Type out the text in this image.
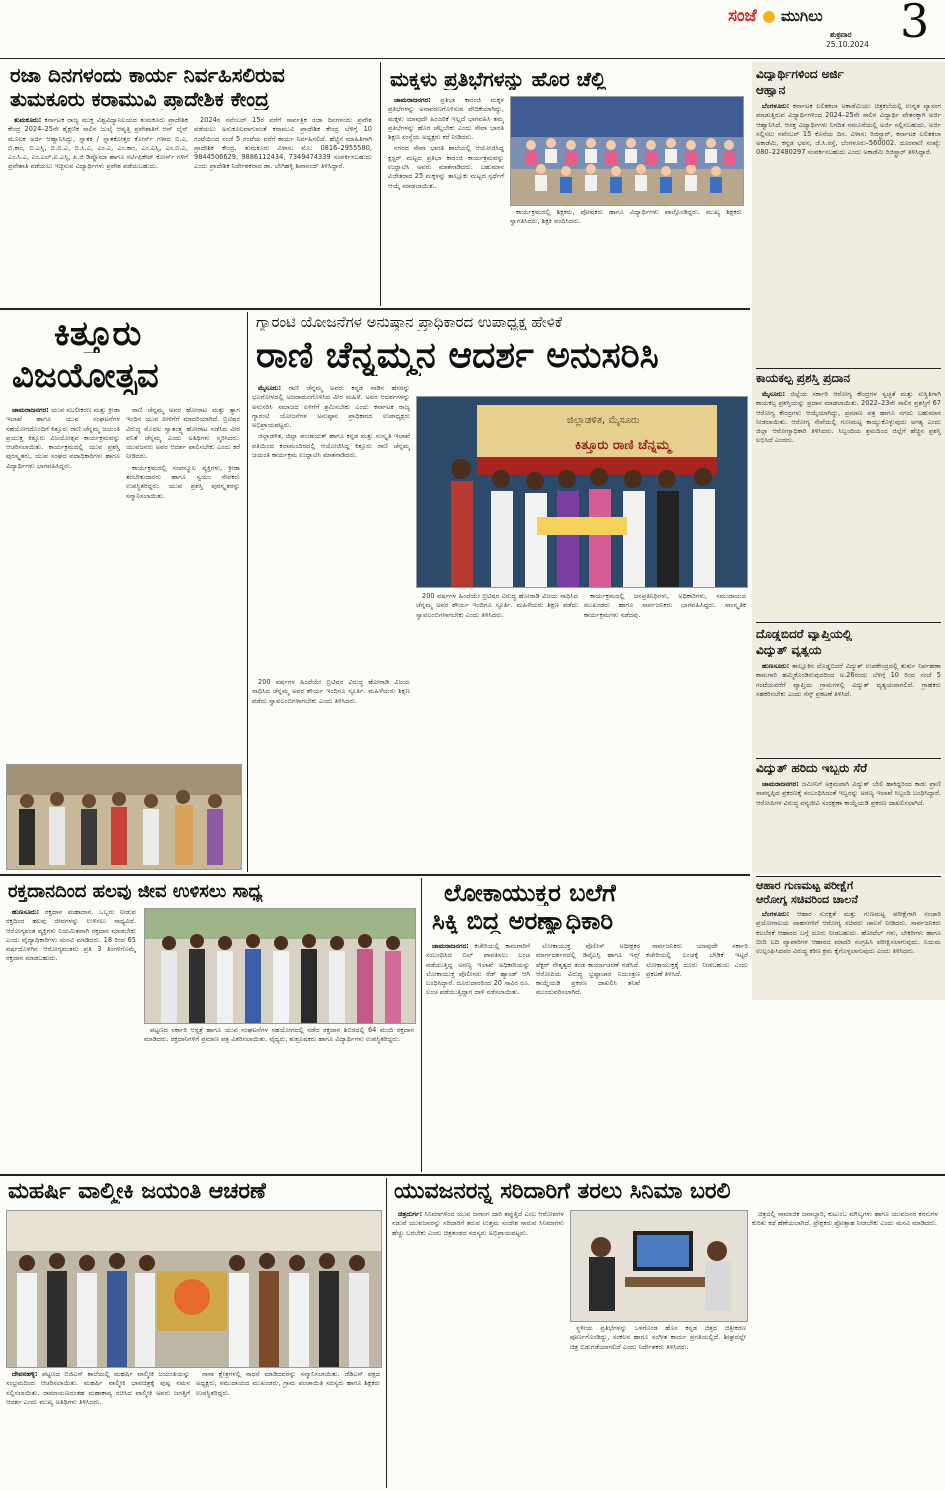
ಸಂಜೆ ಮುಗಿಲು
ಶುಕ್ರವಾರ
25.10.2024 3
ರಜಾ ದಿನಗಳಂದು ಕಾರ್ಯ ನಿರ್ವಹಿಸಲಿರುವ
ತುಮಕೂರು ಕರಾಮುವಿ ಪ್ರಾದೇಶಿಕ ಕೇಂದ್ರ

ತುಮಕೂರು: ಕರ್ನಾಟಕ ರಾಜ್ಯ ಮುಕ್ತ ವಿಶ್ವವಿದ್ಯಾನಿಲಯದ ತುಮಕೂರು ಪ್ರಾದೇಶಿಕ ಕೇಂದ್ರ 2024–25ನೇ ಶೈಕ್ಷಣಿಕ ಸಾಲಿನ ಜುಲೈ ಆವೃತ್ತಿ ಪ್ರವೇಶಾತಿಗೆ ಆನ್ ಲೈನ್ ಮೂಲಕ ಅರ್ಜಿ ಆಹ್ವಾನಿಸಿದ್ದು, ಸ್ನಾತಕ / ಸ್ನಾತಕೋತ್ತರ ಕೋರ್ಸ್ ಗಳಾದ ಬಿ.ಎ, ಬಿ.ಕಾಂ, ಬಿ.ಎಸ್ಸಿ, ಬಿ.ಬಿ.ಎ, ಬಿ.ಸಿ.ಎ, ಎಂ.ಎ, ಎಂ.ಕಾಂ, ಎಂ.ಎಸ್ಸಿ, ಎಂ.ಬಿ.ಎ, ಎಂ.ಸಿ.ಎ, ಎಂ.ಎಲ್.ಐ.ಎಸ್ಸಿ, ಪಿ.ಜಿ ಡಿಪ್ಲೊಮಾ ಹಾಗೂ ಸರ್ಟಿಫಿಕೇಟ್ ಕೋರ್ಸ್ ಗಳಿಗೆ ಪ್ರವೇಶಾತಿ ಪಡೆಯಲು ಇಚ್ಛಿಸುವ ವಿದ್ಯಾರ್ಥಿಗಳು ಪ್ರವೇಶ ಪಡೆಯಬಹುದು.

2024ರ ನವೆಂಬರ್ 15ರ ವರೆಗೆ ಸಾರ್ವತ್ರಿಕ ರಜಾ ದಿನಗಳಂದು ಪ್ರವೇಶ ಪಡೆಯಲು ಅನುಕೂಲವಾಗುವಂತೆ ಕರಾಮುವಿ ಪ್ರಾದೇಶಿಕ ಕೇಂದ್ರ ಬೆಳಿಗ್ಗೆ 10 ಗಂಟೆಯಿಂದ ಸಂಜೆ 5 ಗಂಟೆಯ ವರೆಗೆ ಕಾರ್ಯ ನಿರ್ವಹಿಸಲಿದೆ. ಹೆಚ್ಚಿನ ಮಾಹಿತಿಗಾಗಿ ಪ್ರಾದೇಶಿಕ ಕೇಂದ್ರ, ತುಮಕೂರು ವಿಳಾಸ: ಮೊ: 0816–2955580, 9844506629, 9886112434, 7349474339 ಸಂಪರ್ಕಿಸಬಹುದು ಎಂದು ಪ್ರಾದೇಶಿಕ ನಿರ್ದೇಶಕರಾದ ಡಾ. ಬೇಗಿಹಳ್ಳಿ ಶಿವಾನಂದ್ ತಿಳಿಸಿದ್ದಾರೆ.

ಮಕ್ಕಳು ಪ್ರತಿಭೆಗಳನ್ನು ಹೊರ ಚೆಲ್ಲಿ

ಚಾಮರಾಜನಗರ: ಪ್ರತಿಭಾ ಕಾರಂಜಿ ಮಕ್ಕಳ ಪ್ರತಿಭೆಗಳನ್ನು ಅನಾವರಣಗೊಳಿಸುವ ವೇದಿಕೆಯಾಗಿದ್ದು, ಮಕ್ಕಳು ಯಾವುದೇ ಹಿಂಜರಿಕೆ ಇಲ್ಲದೆ ಭಾಗವಹಿಸಿ ತಮ್ಮ ಪ್ರತಿಭೆಗಳನ್ನು ಹೊರ ಚೆಲ್ಲಬೇಕು ಎಂದು ಸೇವಾ ಭಾರತಿ ಶಿಕ್ಷಣ ಸಂಸ್ಥೆಯ ಅಧ್ಯಕ್ಷರು ಕರೆ ನೀಡಿದರು.

ನಗರದ ಸೇವಾ ಭಾರತಿ ಶಾಲೆಯಲ್ಲಿ ಆಯೋಜಿಸಿದ್ದ ಕ್ಲಸ್ಟರ್ ಮಟ್ಟದ ಪ್ರತಿಭಾ ಕಾರಂಜಿ ಕಾರ್ಯಕ್ರಮವನ್ನು ಉದ್ಘಾಟಿಸಿ ಅವರು ಮಾತನಾಡಿದರು. ಬಹುಮಾನ ವಿಜೇತರಾದ 25 ಮಕ್ಕಳನ್ನು ತಾಲ್ಲೂಕು ಮಟ್ಟದ ಸ್ಪರ್ಧೆಗೆ ಆಯ್ಕೆ ಮಾಡಲಾಯಿತು.

ಕಾರ್ಯಕ್ರಮದಲ್ಲಿ ಶಿಕ್ಷಕರು, ಪೋಷಕರು ಹಾಗೂ ವಿದ್ಯಾರ್ಥಿಗಳು ಪಾಲ್ಗೊಂಡಿದ್ದರು. ಮುಖ್ಯ ಶಿಕ್ಷಕರು ಸ್ವಾಗತಿಸಿದರು, ಶಿಕ್ಷಕಿ ವಂದಿಸಿದರು.

ವಿದ್ಯಾರ್ಥಿಗಳಿಂದ ಅರ್ಜಿ
ಆಹ್ವಾನ

ಬೆಂಗಳೂರು: ಕರ್ನಾಟಕ ಲಲಿತಕಲಾ ಅಕಾಡೆಮಿಯು ಚಿತ್ರಕಲೆಯಲ್ಲಿ ಉನ್ನತ ವ್ಯಾಸಂಗ ಮಾಡುತ್ತಿರುವ ವಿದ್ಯಾರ್ಥಿಗಳಿಂದ 2024–25ನೇ ಸಾಲಿನ ವಿದ್ಯಾರ್ಥಿ ವೇತನಕ್ಕಾಗಿ ಅರ್ಜಿ ಆಹ್ವಾನಿಸಿದೆ. ಆಸಕ್ತ ವಿದ್ಯಾರ್ಥಿಗಳು ನಿಗದಿತ ನಮೂನೆಯಲ್ಲಿ ಅರ್ಜಿ ಸಲ್ಲಿಸಬಹುದು. ಅರ್ಜಿ ಸಲ್ಲಿಸಲು ನವೆಂಬರ್ 15 ಕೊನೆಯ ದಿನ. ವಿಳಾಸ: ರಿಜಿಸ್ಟ್ರಾರ್, ಕರ್ನಾಟಕ ಲಲಿತಕಲಾ ಅಕಾಡೆಮಿ, ಕನ್ನಡ ಭವನ, ಜೆ.ಸಿ.ರಸ್ತೆ, ಬೆಂಗಳೂರು–560002. ದೂರವಾಣಿ ಸಂಖ್ಯೆ: 080–22480297 ಸಂಪರ್ಕಿಸಬಹುದು ಎಂದು ಅಕಾಡೆಮಿ ರಿಜಿಸ್ಟ್ರಾರ್ ತಿಳಿಸಿದ್ದಾರೆ.

ಕಾಯಕಲ್ಪ ಪ್ರಶಸ್ತಿ ಪ್ರದಾನ

ಮೈಸೂರು: ಜಿಲ್ಲೆಯ ಸರ್ಕಾರಿ ಆರೋಗ್ಯ ಕೇಂದ್ರಗಳ ಸ್ವಚ್ಛತೆ ಮತ್ತು ಸುಸ್ಥಿತಿಗಾಗಿ ಕಾಯಕಲ್ಪ ಪ್ರಶಸ್ತಿಯನ್ನು ಪ್ರದಾನ ಮಾಡಲಾಯಿತು. 2022–23ನೇ ಸಾಲಿನ ಪ್ರಶಸ್ತಿಗೆ 67 ಆರೋಗ್ಯ ಕೇಂದ್ರಗಳು ಆಯ್ಕೆಯಾಗಿದ್ದು, ಪ್ರಮಾಣ ಪತ್ರ ಹಾಗೂ ನಗದು ಬಹುಮಾನ ನೀಡಲಾಯಿತು. ಆರೋಗ್ಯ ಸೇವೆಯಲ್ಲಿ ಗುಣಮಟ್ಟ ಕಾಯ್ದುಕೊಳ್ಳುವುದು ಅಗತ್ಯ ಎಂದು ಜಿಲ್ಲಾ ಆರೋಗ್ಯಾಧಿಕಾರಿ ತಿಳಿಸಿದರು. ಸಿಬ್ಬಂದಿಯ ಶ್ರಮದಿಂದ ಜಿಲ್ಲೆಗೆ ಹೆಚ್ಚಿನ ಪ್ರಶಸ್ತಿ ಲಭಿಸಿದೆ ಎಂದರು.

ದೊಡ್ಡಬಿದರೆ ವ್ಯಾಪ್ತಿಯಲ್ಲಿ
ವಿದ್ಯುತ್ ವ್ಯತ್ಯಯ

ಹುಣಸೂರು: ತಾಲ್ಲೂಕಿನ ದೊಡ್ಡಬಿದರೆ ವಿದ್ಯುತ್ ಉಪಕೇಂದ್ರದಲ್ಲಿ ತುರ್ತು ನಿರ್ವಹಣಾ ಕಾಮಗಾರಿ ಹಮ್ಮಿಕೊಂಡಿರುವುದರಿಂದ ಅ.26ರಂದು ಬೆಳಿಗ್ಗೆ 10 ರಿಂದ ಸಂಜೆ 5 ಗಂಟೆಯವರೆಗೆ ವ್ಯಾಪ್ತಿಯ ಗ್ರಾಮಗಳಲ್ಲಿ ವಿದ್ಯುತ್ ವ್ಯತ್ಯಯವಾಗಲಿದೆ. ಗ್ರಾಹಕರು ಸಹಕರಿಸಬೇಕು ಎಂದು ಸೆಸ್ಕ್ ಪ್ರಕಟಣೆ ತಿಳಿಸಿದೆ.

ವಿದ್ಯುತ್ ಹರಿದು ಇಬ್ಬರು ಸೆರೆ

ಚಾಮರಾಜನಗರ: ಜಮೀನಿಗೆ ಅಕ್ರಮವಾಗಿ ವಿದ್ಯುತ್ ಬೇಲಿ ಹಾಕಿದ್ದರಿಂದ ಕಾಡು ಪ್ರಾಣಿ ಸಾವನ್ನಪ್ಪಿದ ಪ್ರಕರಣಕ್ಕೆ ಸಂಬಂಧಿಸಿದಂತೆ ಇಬ್ಬರನ್ನು ಅರಣ್ಯ ಇಲಾಖೆ ಸಿಬ್ಬಂದಿ ಬಂಧಿಸಿದ್ದಾರೆ. ಆರೋಪಿಗಳ ವಿರುದ್ಧ ವನ್ಯಜೀವಿ ಸಂರಕ್ಷಣಾ ಕಾಯ್ದೆಯಡಿ ಪ್ರಕರಣ ದಾಖಲಿಸಲಾಗಿದೆ.

ಆಹಾರ ಗುಣಮಟ್ಟ ಪರೀಕ್ಷೆಗೆ
ಆರೋಗ್ಯ ಸಚಿವರಿಂದ ಚಾಲನೆ

ಬೆಂಗಳೂರು: ಆಹಾರ ಸುರಕ್ಷತೆ ಮತ್ತು ಗುಣಮಟ್ಟ ಪರೀಕ್ಷೆಗಾಗಿ ಸಂಚಾರಿ ಪ್ರಯೋಗಾಲಯ ವಾಹನಗಳಿಗೆ ಆರೋಗ್ಯ ಸಚಿವರು ಚಾಲನೆ ನೀಡಿದರು. ಸಾರ್ವಜನಿಕರು ಕಲಬೆರಕೆ ಆಹಾರದ ಬಗ್ಗೆ ದೂರು ನೀಡಬಹುದು. ಹೋಟೆಲ್ ಗಳು, ಬೇಕರಿಗಳು ಹಾಗೂ ಬೀದಿ ಬದಿ ವ್ಯಾಪಾರಿಗಳ ಆಹಾರದ ಮಾದರಿ ಸಂಗ್ರಹಿಸಿ ಪರೀಕ್ಷಿಸಲಾಗುವುದು. ನಿಯಮ ಉಲ್ಲಂಘಿಸಿದವರ ವಿರುದ್ಧ ಕಠಿಣ ಕ್ರಮ ಕೈಗೊಳ್ಳಲಾಗುವುದು ಎಂದು ತಿಳಿಸಿದರು.

ಕಿತ್ತೂರು
ವಿಜಯೋತ್ಸವ

ಚಾಮರಾಜನಗರ: ಯುವ ಸಬಲೀಕರಣ ಮತ್ತು ಕ್ರೀಡಾ ಇಲಾಖೆ ಹಾಗೂ ಯುವ ಸಂಘಟನೆಗಳ ಸಹಯೋಗದೊಂದಿಗೆ ಕಿತ್ತೂರು ರಾಣಿ ಚೆನ್ನಮ್ಮ ಜಯಂತಿ ಪ್ರಯುಕ್ತ ಕಿತ್ತೂರು ವಿಜಯೋತ್ಸವ ಕಾರ್ಯಕ್ರಮವನ್ನು ಆಚರಿಸಲಾಯಿತು. ಕಾರ್ಯಕ್ರಮದಲ್ಲಿ ಯುವ ಪ್ರಶಸ್ತಿ ಪುರಸ್ಕೃತರು, ಯುವ ಸಂಘದ ಪದಾಧಿಕಾರಿಗಳು ಹಾಗೂ ವಿದ್ಯಾರ್ಥಿಗಳು ಭಾಗವಹಿಸಿದ್ದರು.

ರಾಣಿ ಚೆನ್ನಮ್ಮ ಅವರ ಹೋರಾಟ ಮತ್ತು ತ್ಯಾಗ ಇಂದಿನ ಯುವ ಪೀಳಿಗೆಗೆ ಮಾದರಿಯಾಗಿದೆ. ಬ್ರಿಟಿಷರ ವಿರುದ್ಧ ಮೊದಲ ಸ್ವಾತಂತ್ರ್ಯ ಹೋರಾಟ ನಡೆಸಿದ ವೀರ ವನಿತೆ ಚೆನ್ನಮ್ಮ ಎಂದು ಅತಿಥಿಗಳು ಸ್ಮರಿಸಿದರು. ಯುವಜನರು ಅವರ ಆದರ್ಶ ಪಾಲಿಸಬೇಕು ಎಂದು ಕರೆ ನೀಡಿದರು.

ಕಾರ್ಯಕ್ರಮದಲ್ಲಿ ಸಂಪನ್ಮೂಲ ವ್ಯಕ್ತಿಗಳು, ಕ್ರೀಡಾ ತರಬೇತುದಾರರು ಹಾಗೂ ಸ್ವಯಂ ಸೇವಕರು ಉಪಸ್ಥಿತರಿದ್ದರು. ಯುವ ಪ್ರಶಸ್ತಿ ಪುರಸ್ಕೃತರನ್ನು ಸನ್ಮಾನಿಸಲಾಯಿತು.

ಗ್ಯಾರಂಟಿ ಯೋಜನೆಗಳ ಅನುಷ್ಠಾನ ಪ್ರಾಧಿಕಾರದ ಉಪಾಧ್ಯಕ್ಷ ಹೇಳಿಕೆ
ರಾಣಿ ಚೆನ್ನಮ್ಮನ ಆದರ್ಶ ಅನುಸರಿಸಿ

ಮೈಸೂರು: ರಾಣಿ ಚೆನ್ನಮ್ಮ ಅವರು ಕನ್ನಡ ನಾಡಿನ ಹೆಸರನ್ನು ಭೂಗೋಳದಲ್ಲಿ ಅಜರಾಮರಗೊಳಿಸಿದ ವೀರ ಮಹಿಳೆ. ಅವರ ಆದರ್ಶಗಳನ್ನು ಅನುಸರಿಸಿ ಸಮಾಜದ ಏಳಿಗೆಗೆ ಶ್ರಮಿಸಬೇಕು ಎಂದು ಕರ್ನಾಟಕ ರಾಜ್ಯ ಗ್ಯಾರಂಟಿ ಯೋಜನೆಗಳ ಅನುಷ್ಠಾನ ಪ್ರಾಧಿಕಾರದ ಉಪಾಧ್ಯಕ್ಷರು ಅಭಿಪ್ರಾಯಪಟ್ಟರು.

ಜಿಲ್ಲಾಡಳಿತ, ಜಿಲ್ಲಾ ಪಂಚಾಯತ್ ಹಾಗೂ ಕನ್ನಡ ಮತ್ತು ಸಂಸ್ಕೃತಿ ಇಲಾಖೆ ವತಿಯಿಂದ ಕಲಾಮಂದಿರದಲ್ಲಿ ಆಯೋಜಿಸಿದ್ದ ಕಿತ್ತೂರು ರಾಣಿ ಚೆನ್ನಮ್ಮ ಜಯಂತಿ ಕಾರ್ಯಕ್ರಮ ಉದ್ಘಾಟಿಸಿ ಮಾತನಾಡಿದರು.

ಜಿಲ್ಲಾಡಳಿತ, ಮೈಸೂರು
ಕಿತ್ತೂರು ರಾಣಿ ಚೆನ್ನಮ್ಮ

200 ವರ್ಷಗಳ ಹಿಂದೆಯೇ ಬ್ರಿಟಿಷರ ವಿರುದ್ಧ ಹೋರಾಡಿ ವಿಜಯ ಸಾಧಿಸಿದ ಚೆನ್ನಮ್ಮ ಅವರ ಶೌರ್ಯ ಇಂದಿಗೂ ಸ್ಫೂರ್ತಿ. ಮಹಿಳೆಯರು ಶಿಕ್ಷಣ ಪಡೆದು ಸ್ವಾವಲಂಬಿಗಳಾಗಬೇಕು ಎಂದು ತಿಳಿಸಿದರು.

ಕಾರ್ಯಕ್ರಮದಲ್ಲಿ ಜನಪ್ರತಿನಿಧಿಗಳು, ಅಧಿಕಾರಿಗಳು, ಸಮುದಾಯದ ಮುಖಂಡರು ಹಾಗೂ ಸಾರ್ವಜನಿಕರು ಭಾಗವಹಿಸಿದ್ದರು. ಸಾಂಸ್ಕೃತಿಕ ಕಾರ್ಯಕ್ರಮಗಳು ನಡೆದವು.

200 ವರ್ಷಗಳ ಹಿಂದೆಯೇ ಬ್ರಿಟಿಷರ ವಿರುದ್ಧ ಹೋರಾಡಿ ವಿಜಯ ಸಾಧಿಸಿದ ಚೆನ್ನಮ್ಮ ಅವರ ಶೌರ್ಯ ಇಂದಿಗೂ ಸ್ಫೂರ್ತಿ. ಮಹಿಳೆಯರು ಶಿಕ್ಷಣ ಪಡೆದು ಸ್ವಾವಲಂಬಿಗಳಾಗಬೇಕು ಎಂದು ತಿಳಿಸಿದರು.

ರಕ್ತದಾನದಿಂದ ಹಲವು ಜೀವ ಉಳಿಸಲು ಸಾಧ್ಯ

ಹುಣಸೂರು: ರಕ್ತದಾನ ಮಹಾದಾನ. ಒಬ್ಬರು ನೀಡುವ ರಕ್ತದಿಂದ ಹಲವು ಜೀವಗಳನ್ನು ಉಳಿಸಲು ಸಾಧ್ಯವಿದೆ. ಆರೋಗ್ಯವಂತ ವ್ಯಕ್ತಿಗಳು ನಿಯಮಿತವಾಗಿ ರಕ್ತದಾನ ಮಾಡಬೇಕು ಎಂದು ವೈದ್ಯಾಧಿಕಾರಿಗಳು ಮನವಿ ಮಾಡಿದರು. 18 ರಿಂದ 65 ವರ್ಷದೊಳಗಿನ ಆರೋಗ್ಯವಂತರು ಪ್ರತಿ 3 ತಿಂಗಳಿಗೊಮ್ಮೆ ರಕ್ತದಾನ ಮಾಡಬಹುದು.

ಪಟ್ಟಣದ ಸರ್ಕಾರಿ ಆಸ್ಪತ್ರೆ ಹಾಗೂ ಯುವ ಸಂಘಟನೆಗಳ ಸಹಯೋಗದಲ್ಲಿ ನಡೆದ ರಕ್ತದಾನ ಶಿಬಿರದಲ್ಲಿ 64 ಮಂದಿ ರಕ್ತದಾನ ಮಾಡಿದರು. ರಕ್ತದಾನಿಗಳಿಗೆ ಪ್ರಮಾಣ ಪತ್ರ ವಿತರಿಸಲಾಯಿತು. ವೈದ್ಯರು, ಶುಶ್ರೂಷಕರು ಹಾಗೂ ವಿದ್ಯಾರ್ಥಿಗಳು ಉಪಸ್ಥಿತರಿದ್ದರು.

ಲೋಕಾಯುಕ್ತರ ಬಲೆಗೆ
ಸಿಕ್ಕಿ ಬಿದ್ದ ಅರಣ್ಯಾಧಿಕಾರಿ

ಚಾಮರಾಜನಗರ: ಕಚೇರಿಯಲ್ಲಿ ಕಾಮಗಾರಿಗೆ ಸಂಬಂಧಿಸಿದ ಬಿಲ್ ಪಾವತಿಸಲು ಲಂಚ ಪಡೆಯುತ್ತಿದ್ದ ಅರಣ್ಯ ಇಲಾಖೆ ಅಧಿಕಾರಿಯನ್ನು ಲೋಕಾಯುಕ್ತ ಪೊಲೀಸರು ರೆಡ್ ಹ್ಯಾಂಡ್ ಆಗಿ ಬಂಧಿಸಿದ್ದಾರೆ. ದೂರುದಾರರಿಂದ 20 ಸಾವಿರ ರೂ. ಲಂಚ ಪಡೆಯುತ್ತಿದ್ದಾಗ ದಾಳಿ ನಡೆಸಲಾಯಿತು.

ಲೋಕಾಯುಕ್ತ ಪೊಲೀಸ್ ಅಧೀಕ್ಷಕರ ಮಾರ್ಗದರ್ಶನದಲ್ಲಿ ಡಿವೈಎಸ್ಪಿ ಹಾಗೂ ಇನ್ಸ್ ಪೆಕ್ಟರ್ ನೇತೃತ್ವದ ತಂಡ ಕಾರ್ಯಾಚರಣೆ ನಡೆಸಿದೆ. ಆರೋಪಿಯ ವಿರುದ್ಧ ಭ್ರಷ್ಟಾಚಾರ ನಿಯಂತ್ರಣ ಕಾಯ್ದೆಯಡಿ ಪ್ರಕರಣ ದಾಖಲಿಸಿ ತನಿಖೆ ಮುಂದುವರಿಸಲಾಗಿದೆ.

ಸಾರ್ವಜನಿಕರು ಯಾವುದೇ ಸರ್ಕಾರಿ ಕಚೇರಿಯಲ್ಲಿ ಲಂಚಕ್ಕೆ ಬೇಡಿಕೆ ಇಟ್ಟರೆ ಲೋಕಾಯುಕ್ತಕ್ಕೆ ದೂರು ನೀಡಬಹುದು ಎಂದು ಪ್ರಕಟಣೆ ತಿಳಿಸಿದೆ.

ಮಹರ್ಷಿ ವಾಲ್ಮೀಕಿ ಜಯಂತಿ ಆಚರಣೆ

ದೇವನಹಳ್ಳಿ: ಪಟ್ಟಣದ ಬಿಜಿಎಸ್ ಶಾಲೆಯಲ್ಲಿ ಮಹರ್ಷಿ ವಾಲ್ಮೀಕಿ ಜಯಂತಿಯನ್ನು ಸಂಭ್ರಮದಿಂದ ಆಚರಿಸಲಾಯಿತು. ಮಹರ್ಷಿ ವಾಲ್ಮೀಕಿ ಭಾವಚಿತ್ರಕ್ಕೆ ಪುಷ್ಪ ನಮನ ಸಲ್ಲಿಸಲಾಯಿತು. ರಾಮಾಯಣದಂತಹ ಮಹಾಕಾವ್ಯ ರಚಿಸಿದ ವಾಲ್ಮೀಕಿ ಅವರು ಜಗತ್ತಿಗೆ ಆದರ್ಶ ಎಂದು ಮುಖ್ಯ ಅತಿಥಿಗಳು ತಿಳಿಸಿದರು.

ನಾನಾ ಕ್ಷೇತ್ರಗಳಲ್ಲಿ ಸಾಧನೆ ಮಾಡಿದವರನ್ನು ಸನ್ಮಾನಿಸಲಾಯಿತು. ಜೆಡಿಎಸ್ ಪಕ್ಷದ ಅಧ್ಯಕ್ಷರು, ಸಮುದಾಯದ ಮುಖಂಡರು, ಗ್ರಾಮ ಪಂಚಾಯಿತಿ ಸದಸ್ಯರು ಹಾಗೂ ಶಿಕ್ಷಕರು ಉಪಸ್ಥಿತರಿದ್ದರು.

ಯುವಜನರನ್ನ ಸರಿದಾರಿಗೆ ತರಲು ಸಿನಿಮಾ ಬರಲಿ

ಚಿತ್ರದುರ್ಗ: ಸಿನಿಮಾಗಳಿಂದ ಯುವ ಜನಾಂಗ ದಾರಿ ತಪ್ಪುತ್ತಿದೆ ಎಂಬ ಆರೋಪಗಳ ನಡುವೆ ಯುವಜನರನ್ನು ಸರಿದಾರಿಗೆ ತರುವ ಉತ್ತಮ ಸಂದೇಶ ಸಾರುವ ಸಿನಿಮಾಗಳು ಹೆಚ್ಚು ಬರಬೇಕು ಎಂದು ಚಿತ್ರತಂಡದ ಸದಸ್ಯರು ಅಭಿಪ್ರಾಯಪಟ್ಟರು.

ಸ್ಥಳೀಯ ಪ್ರತಿಭೆಗಳನ್ನು ಒಳಗೊಂಡ ಹೊಸ ಕನ್ನಡ ಚಿತ್ರದ ಚಿತ್ರೀಕರಣ ಪೂರ್ಣಗೊಂಡಿದ್ದು, ಸಂಕಲನ ಹಾಗೂ ಸಂಗೀತ ಕಾರ್ಯ ಪ್ರಗತಿಯಲ್ಲಿದೆ. ಶೀಘ್ರದಲ್ಲೇ ಚಿತ್ರ ಬಿಡುಗಡೆಯಾಗಲಿದೆ ಎಂದು ನಿರ್ದೇಶಕರು ತಿಳಿಸಿದರು.

ಚಿತ್ರದಲ್ಲಿ ಸಾಮಾಜಿಕ ಜವಾಬ್ದಾರಿ, ಕುಟುಂಬ ಮೌಲ್ಯಗಳು ಹಾಗೂ ಯುವಜನರ ಕನಸುಗಳ ಕುರಿತು ಕಥೆ ಹೆಣೆಯಲಾಗಿದೆ. ಪ್ರೇಕ್ಷಕರು ಪ್ರೋತ್ಸಾಹ ನೀಡಬೇಕು ಎಂದು ಮನವಿ ಮಾಡಿದರು.
